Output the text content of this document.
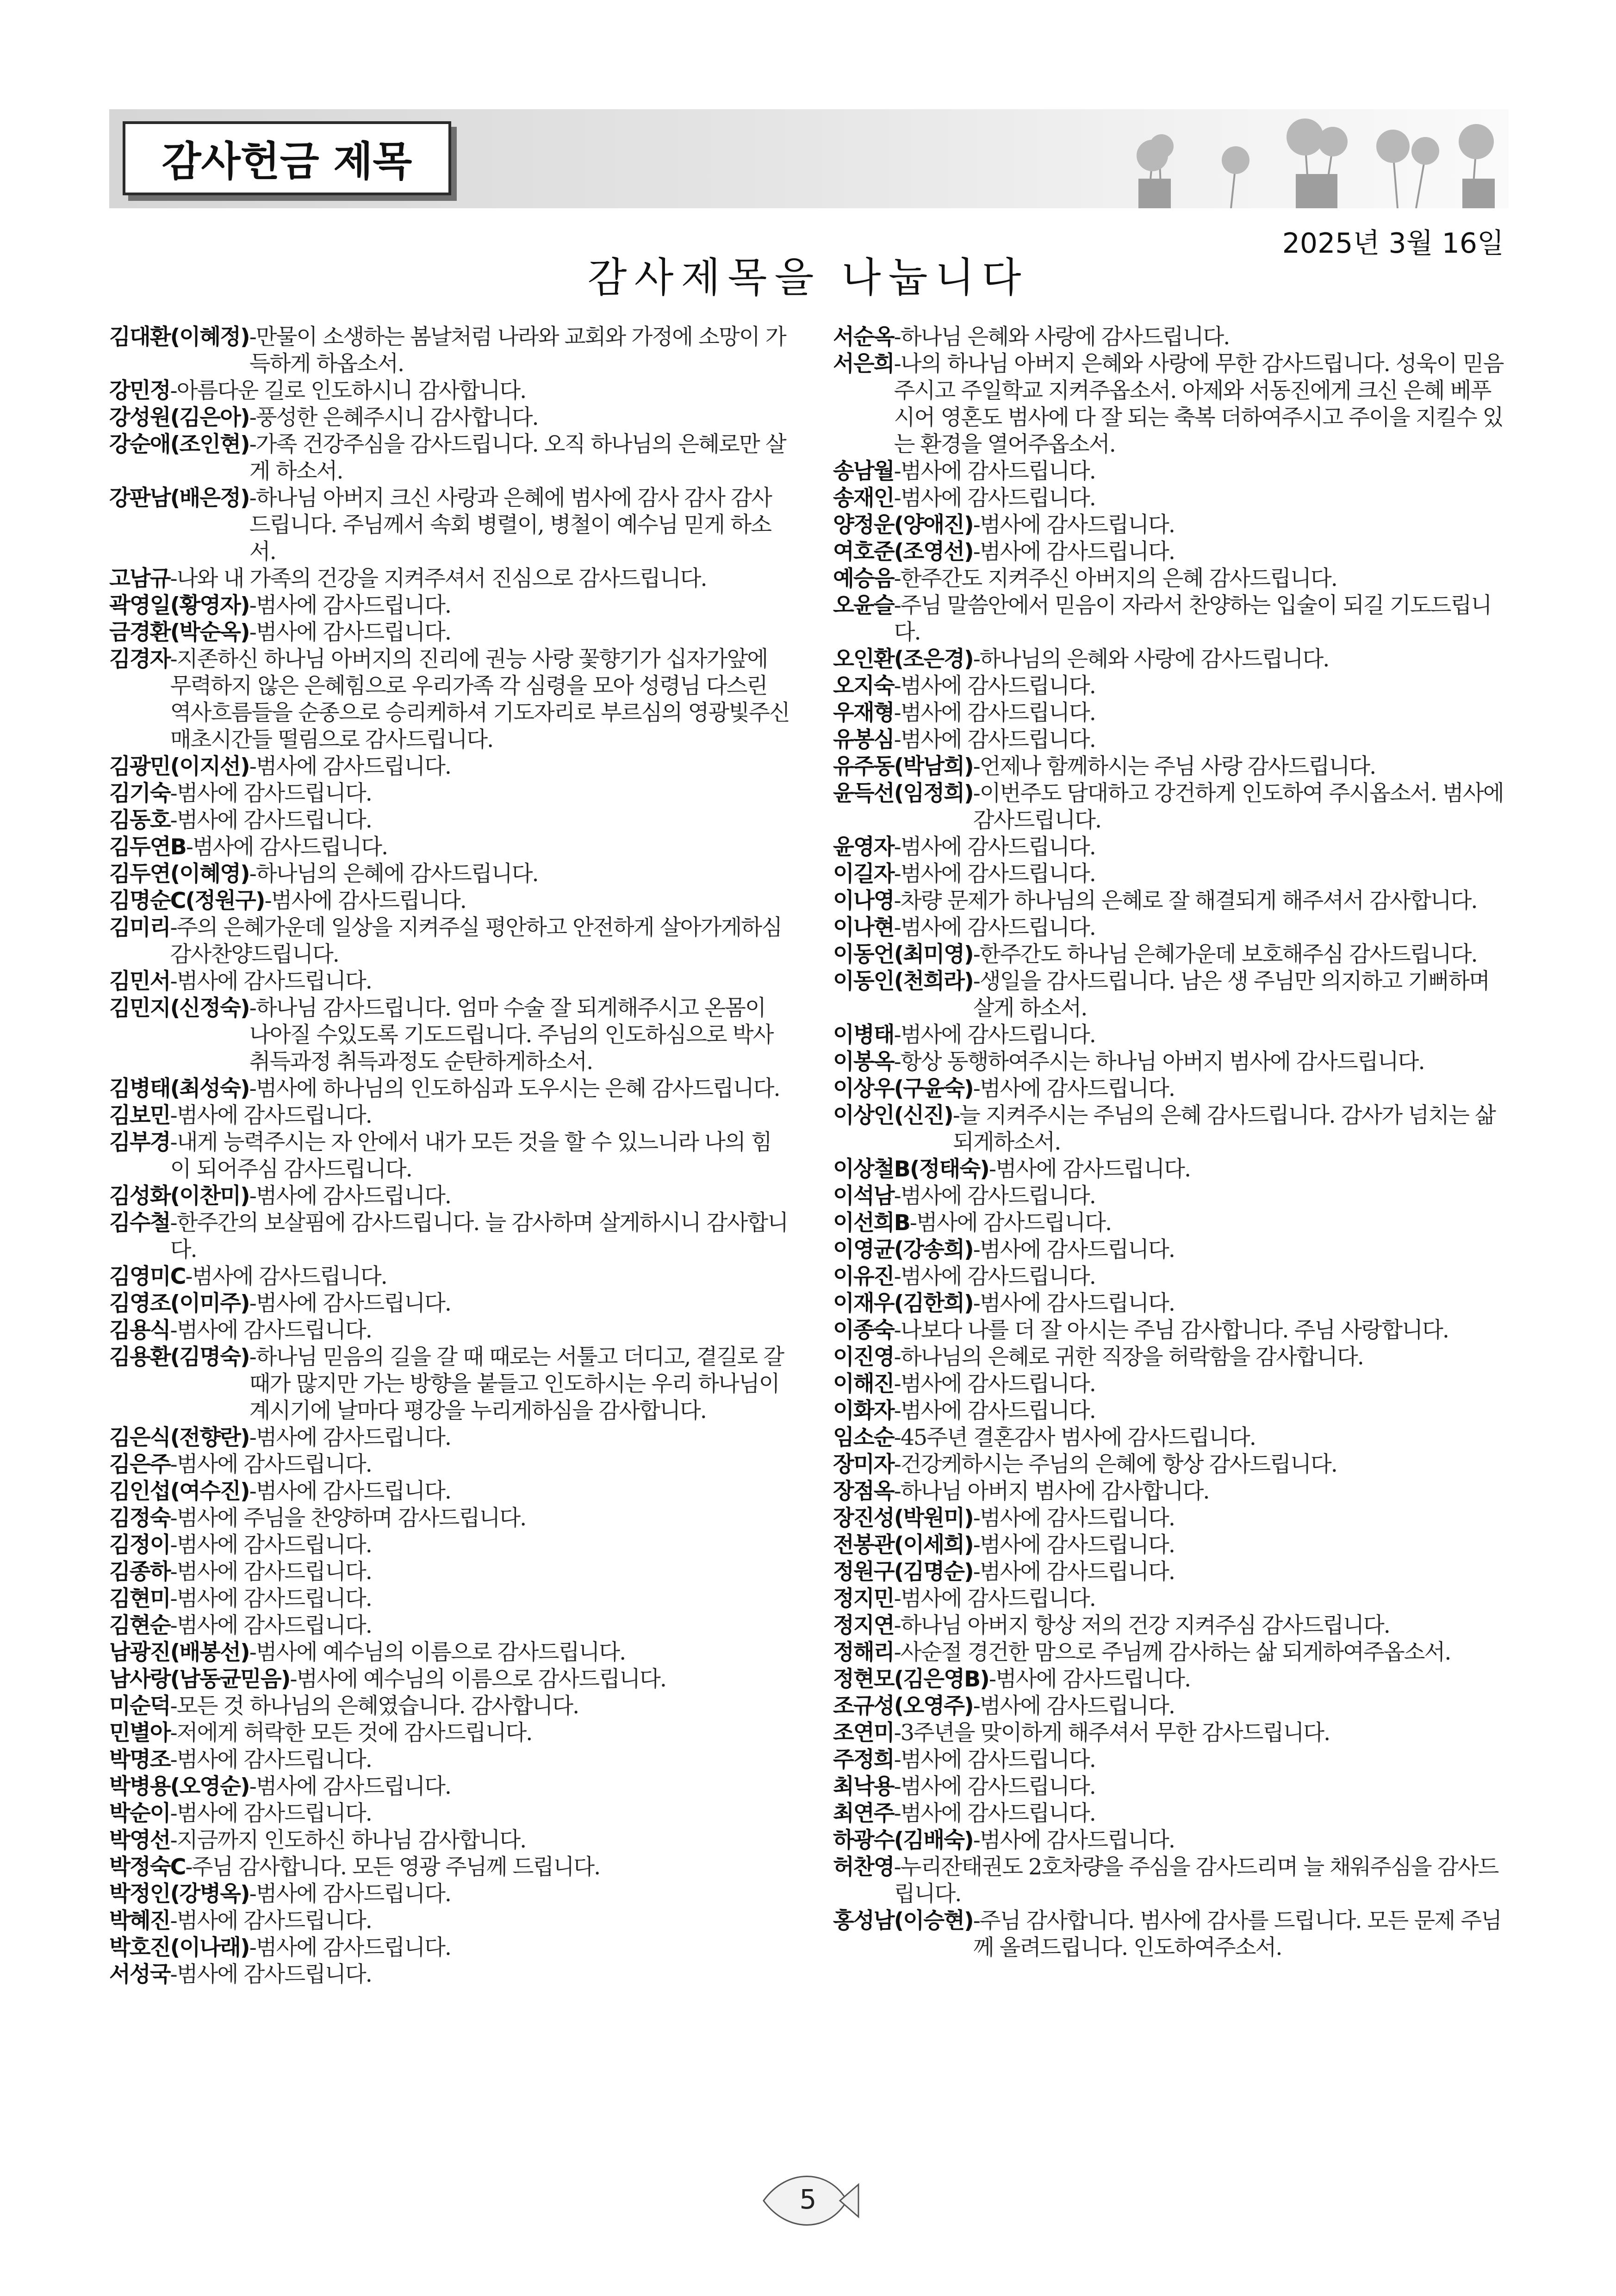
감사헌금 제목
2025년 3월 16일
감사제목을 나눕니다
김대환(이혜정) -만물이 소생하는 봄날처럼 나라와 교회와 가정에 소망이 가득하게 하옵소서.
강민정 -아름다운 길로 인도하시니 감사합니다.
강성원(김은아) -풍성한 은혜주시니 감사합니다.
강순애(조인현) -가족 건강주심을 감사드립니다. 오직 하나님의 은혜로만 살게 하소서.
강판남(배은정) -하나님 아버지 크신 사랑과 은혜에 범사에 감사 감사 감사드립니다. 주님께서 속회 병렬이, 병철이 예수님 믿게 하소서.
고남규 -나와 내 가족의 건강을 지켜주셔서 진심으로 감사드립니다.
곽영일(황영자) -범사에 감사드립니다.
금경환(박순옥) -범사에 감사드립니다.
김경자 -지존하신 하나님 아버지의 진리에 권능 사랑 꽃향기가 십자가앞에 무력하지 않은 은혜힘으로 우리가족 각 심령을 모아 성령님 다스린 역사흐름들을 순종으로 승리케하셔 기도자리로 부르심의 영광빛주신 매초시간들 떨림으로 감사드립니다.
김광민(이지선) -범사에 감사드립니다.
김기숙 -범사에 감사드립니다.
김동호 -범사에 감사드립니다.
김두연B -범사에 감사드립니다.
김두연(이혜영) -하나님의 은혜에 감사드립니다.
김명순C(정원구) -범사에 감사드립니다.
김미리 -주의 은혜가운데 일상을 지켜주실 평안하고 안전하게 살아가게하심 감사찬양드립니다.
김민서 -범사에 감사드립니다.
김민지(신정숙) -하나님 감사드립니다. 엄마 수술 잘 되게해주시고 온몸이 나아질 수있도록 기도드립니다. 주님의 인도하심으로 박사취득과정 취득과정도 순탄하게하소서.
김병태(최성숙) -범사에 하나님의 인도하심과 도우시는 은혜 감사드립니다.
김보민 -범사에 감사드립니다.
김부경 -내게 능력주시는 자 안에서 내가 모든 것을 할 수 있느니라 나의 힘이 되어주심 감사드립니다.
김성화(이찬미) -범사에 감사드립니다.
김수철 -한주간의 보살핌에 감사드립니다. 늘 감사하며 살게하시니 감사합니다.
김영미C -범사에 감사드립니다.
김영조(이미주) -범사에 감사드립니다.
김용식 -범사에 감사드립니다.
김용환(김명숙) -하나님 믿음의 길을 갈 때 때로는 서툴고 더디고, 곁길로 갈때가 많지만 가는 방향을 붙들고 인도하시는 우리 하나님이 계시기에 날마다 평강을 누리게하심을 감사합니다.
김은식(전향란) -범사에 감사드립니다.
김은주 -범사에 감사드립니다.
김인섭(여수진) -범사에 감사드립니다.
김정숙 -범사에 주님을 찬양하며 감사드립니다.
김정이 -범사에 감사드립니다.
김종하 -범사에 감사드립니다.
김현미 -범사에 감사드립니다.
김현순 -범사에 감사드립니다.
남광진(배봉선) -범사에 예수님의 이름으로 감사드립니다.
남사랑(남동균믿음) -범사에 예수님의 이름으로 감사드립니다.
미순덕 -모든 것 하나님의 은혜였습니다. 감사합니다.
민별아 -저에게 허락한 모든 것에 감사드립니다.
박명조 -범사에 감사드립니다.
박병용(오영순) -범사에 감사드립니다.
박순이 -범사에 감사드립니다.
박영선 -지금까지 인도하신 하나님 감사합니다.
박정숙C -주님 감사합니다. 모든 영광 주님께 드립니다.
박정인(강병옥) -범사에 감사드립니다.
박혜진 -범사에 감사드립니다.
박호진(이나래) -범사에 감사드립니다.
서성국 -범사에 감사드립니다.
서순옥 -하나님 은혜와 사랑에 감사드립니다.
서은희 -나의 하나님 아버지 은혜와 사랑에 무한 감사드립니다. 성욱이 믿음 주시고 주일학교 지켜주옵소서. 아제와 서동진에게 크신 은혜 베푸시어 영혼도 범사에 다 잘 되는 축복 더하여주시고 주이을 지킬수 있는 환경을 열어주옵소서.
송남월 -범사에 감사드립니다.
송재인 -범사에 감사드립니다.
양정운(양애진) -범사에 감사드립니다.
여호준(조영선) -범사에 감사드립니다.
예승음 -한주간도 지켜주신 아버지의 은혜 감사드립니다.
오윤슬 -주님 말씀안에서 믿음이 자라서 찬양하는 입술이 되길 기도드립니다.
오인환(조은경) -하나님의 은혜와 사랑에 감사드립니다.
오지숙 -범사에 감사드립니다.
우재형 -범사에 감사드립니다.
유봉심 -범사에 감사드립니다.
유주동(박남희) -언제나 함께하시는 주님 사랑 감사드립니다.
윤득선(임정희) -이번주도 담대하고 강건하게 인도하여 주시옵소서. 범사에 감사드립니다.
윤영자 -범사에 감사드립니다.
이길자 -범사에 감사드립니다.
이나영 -차량 문제가 하나님의 은혜로 잘 해결되게 해주셔서 감사합니다.
이나현 -범사에 감사드립니다.
이동언(최미영) -한주간도 하나님 은혜가운데 보호해주심 감사드립니다.
이동인(천희라) -생일을 감사드립니다. 남은 생 주님만 의지하고 기뻐하며 살게 하소서.
이병태 -범사에 감사드립니다.
이봉옥 -항상 동행하여주시는 하나님 아버지 범사에 감사드립니다.
이상우(구윤숙) -범사에 감사드립니다.
이상인(신진) -늘 지켜주시는 주님의 은혜 감사드립니다. 감사가 넘치는 삶 되게하소서.
이상철B(정태숙) -범사에 감사드립니다.
이석남 -범사에 감사드립니다.
이선희B -범사에 감사드립니다.
이영균(강송희) -범사에 감사드립니다.
이유진 -범사에 감사드립니다.
이재우(김한희) -범사에 감사드립니다.
이종숙 -나보다 나를 더 잘 아시는 주님 감사합니다. 주님 사랑합니다.
이진영 -하나님의 은혜로 귀한 직장을 허락함을 감사합니다.
이해진 -범사에 감사드립니다.
이화자 -범사에 감사드립니다.
임소순 -45주년 결혼감사 범사에 감사드립니다.
장미자 -건강케하시는 주님의 은혜에 항상 감사드립니다.
장점옥 -하나님 아버지 범사에 감사합니다.
장진성(박원미) -범사에 감사드립니다.
전봉관(이세희) -범사에 감사드립니다.
정원구(김명순) -범사에 감사드립니다.
정지민 -범사에 감사드립니다.
정지연 -하나님 아버지 항상 저의 건강 지켜주심 감사드립니다.
정해리 -사순절 경건한 맘으로 주님께 감사하는 삶 되게하여주옵소서.
정현모(김은영B) -범사에 감사드립니다.
조규성(오영주) -범사에 감사드립니다.
조연미 -3주년을 맞이하게 해주셔서 무한 감사드립니다.
주정희 -범사에 감사드립니다.
최낙용 -범사에 감사드립니다.
최연주 -범사에 감사드립니다.
하광수(김배숙) -범사에 감사드립니다.
허찬영 -누리잔태권도 2호차량을 주심을 감사드리며 늘 채워주심을 감사드립니다.
홍성남(이승현) -주님 감사합니다. 범사에 감사를 드립니다. 모든 문제 주님께 올려드립니다. 인도하여주소서.
5
